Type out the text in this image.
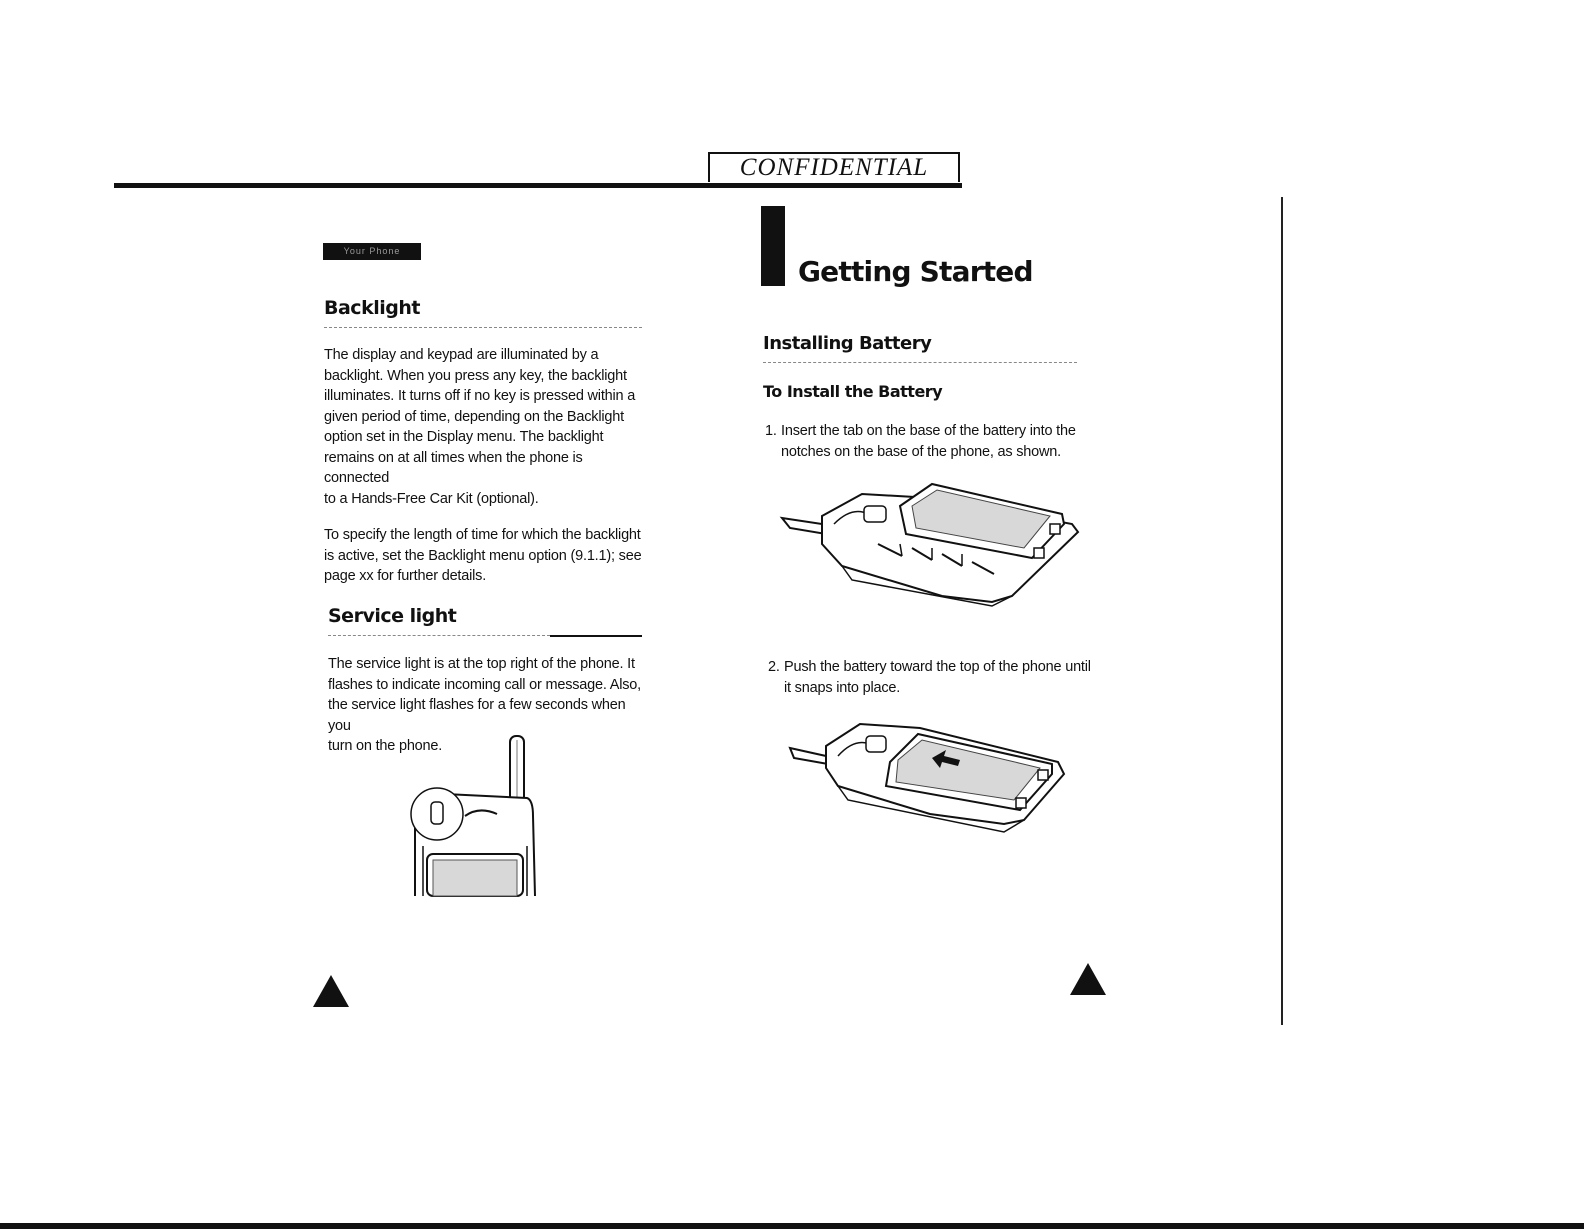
CONFIDENTIAL
Your Phone
Backlight

The display and keypad are illuminated by a

backlight. When you press any key, the backlight

illuminates. It turns off if no key is pressed within a

given period of time, depending on the Backlight

option set in the Display menu. The backlight

remains on at all times when the phone is connected

to a Hands-Free Car Kit (optional).

To specify the length of time for which the backlight

is active, set the Backlight menu option (9.1.1); see

page xx for further details.

Service light

The service light is at the top right of the phone. It

flashes to indicate incoming call or message. Also,

the service light flashes for a few seconds when you

turn on the phone.

Getting Started
Installing Battery
To Install the Battery

1. Insert the tab on the base of the battery into the
notches on the base of the phone, as shown.

2. Push the battery toward the top of the phone until
it snaps into place.
